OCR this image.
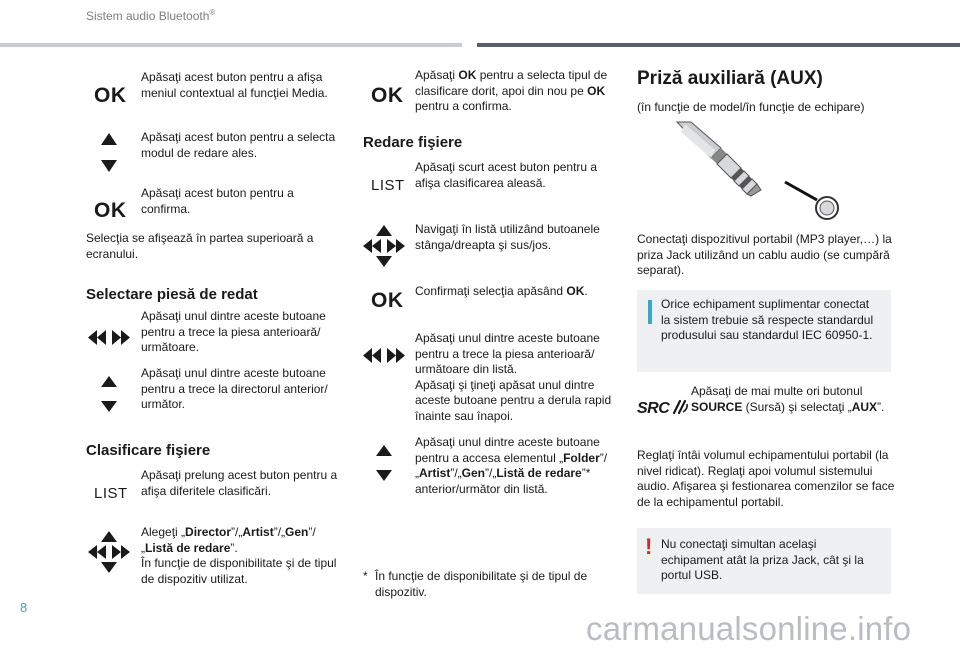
Sistem audio Bluetooth®
OK
Apăsaţi acest buton pentru a afişa meniul contextual al funcţiei Media.
Apăsaţi acest buton pentru a selecta modul de redare ales.
OK
Apăsaţi acest buton pentru a confirma.
Selecţia se afişează în partea superioară a ecranului.
Selectare piesă de redat
Apăsaţi unul dintre aceste butoane pentru a trece la piesa anterioară/ următoare.
Apăsaţi unul dintre aceste butoane pentru a trece la directorul anterior/ următor.
Clasificare fişiere
LIST
Apăsaţi prelung acest buton pentru a afişa diferitele clasificări.
Alegeţi „Director”/„Artist”/„Gen”/ „Listă de redare”.
În funcţie de disponibilitate şi de tipul de dispozitiv utilizat.
OK
Apăsaţi OK pentru a selecta tipul de clasificare dorit, apoi din nou pe OK pentru a confirma.
Redare fişiere
LIST
Apăsaţi scurt acest buton pentru a afişa clasificarea aleasă.
Navigaţi în listă utilizând butoanele stânga/dreapta şi sus/jos.
OK Confirmaţi selecţia apăsând OK.
Apăsaţi unul dintre aceste butoane pentru a trece la piesa anterioară/ următoare din listă.
Apăsaţi şi ţineţi apăsat unul dintre aceste butoane pentru a derula rapid înainte sau înapoi.
Apăsaţi unul dintre aceste butoane pentru a accesa elementul „Folder”/ „Artist”/„Gen”/„Listă de redare”*
anterior/următor din listă.
* În funcţie de disponibilitate şi de tipul de dispozitiv.
Priză auxiliară (AUX)
(în funcţie de model/în funcţie de echipare)
Conectaţi dispozitivul portabil (MP3 player,…) la priza Jack utilizând un cablu audio (se cumpără separat).
Orice echipament suplimentar conectat la sistem trebuie să respecte standardul produsului sau standardul IEC 60950-1.
SRC
Apăsaţi de mai multe ori butonul SOURCE (Sursă) şi selectaţi „AUX”.
Reglaţi întâi volumul echipamentului portabil (la nivel ridicat). Reglaţi apoi volumul sistemului audio. Afişarea şi festionarea comenzilor se face de la echipamentul portabil.
! Nu conectaţi simultan acelaşi echipament atât la priza Jack, cât şi la portul USB.
8
carmanualsonline.info
